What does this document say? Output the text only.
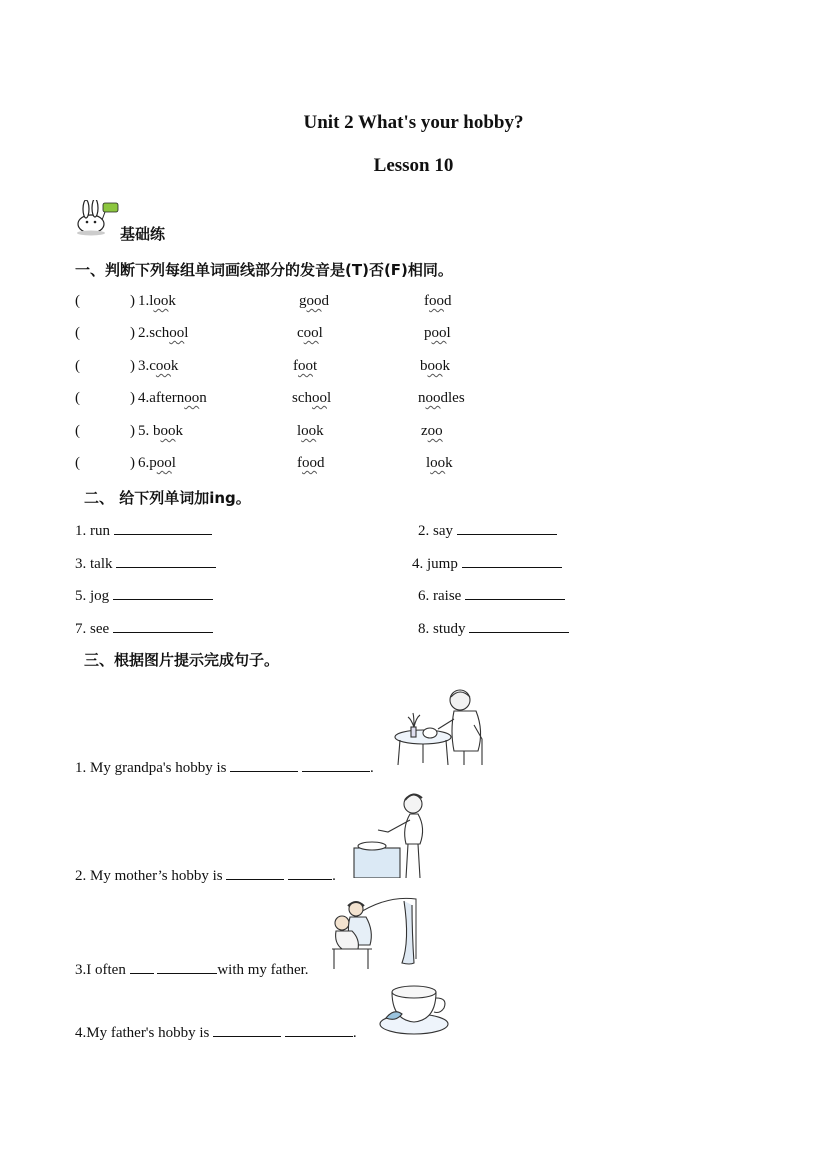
Unit 2 What's your hobby?
Lesson 10
基础练
一、判断下列每组单词画线部分的发音是(T)否(F)相同。
(	) 1.look	good	food
(	) 2.school	cool	pool
(	) 3.cook	foot	book
(	) 4.afternoon	school	noodles
(	) 5. book	look	zoo
(	) 6.pool	food	look
二、 给下列单词加ing。
1. run	2. say
3. talk	4. jump
5. jog	6. raise
7. see	8. study
三、根据图片提示完成句子。
1. My grandpa's hobby is	.
2. My mother’s hobby is	.
3.I often	with my father.
4.My father's hobby is	.
